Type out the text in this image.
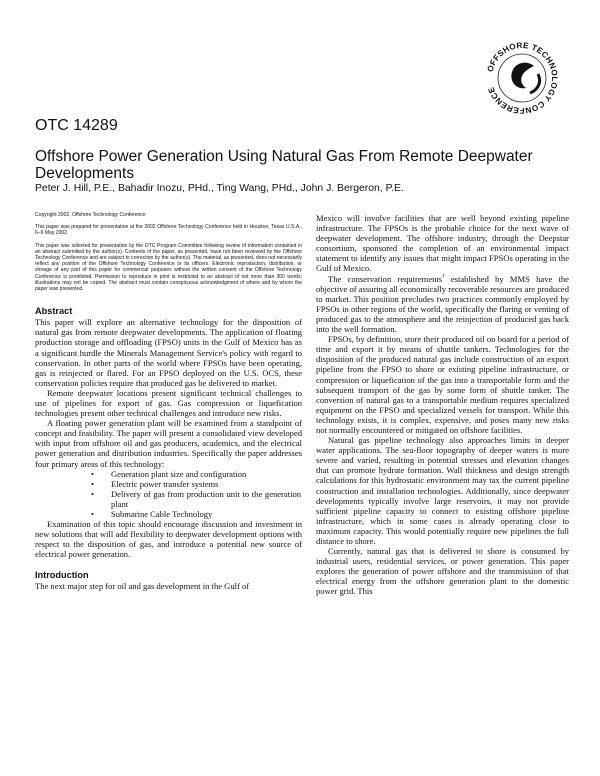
OFFSHORE TECHNOLOGY CONFERENCE
OTC 14289
Offshore Power Generation Using Natural Gas From Remote Deepwater Developments
Peter J. Hill, P.E., Bahadir Inozu, PHd., Ting Wang, PHd., John J. Bergeron, P.E.

Copyright 2002, Offshore Technology Conference

This paper was prepared for presentation at the 2002 Offshore Technology Conference held in Houston, Texas U.S.A., 6–9 May 2002.

This paper was selected for presentation by the OTC Program Committee following review of information contained in an abstract submitted by the author(s). Contents of the paper, as presented, have not been reviewed by the Offshore Technology Conference and are subject to correction by the author(s). The material, as presented, does not necessarily reflect any position of the Offshore Technology Conference or its officers. Electronic reproduction, distribution, or storage of any part of this paper for commercial purposes without the written consent of the Offshore Technology Conference is prohibited. Permission to reproduce in print is restricted to an abstract of not more than 300 words; illustrations may not be copied. The abstract must contain conspicuous acknowledgment of where and by whom the paper was presented.

Abstract

This paper will explore an alternative technology for the disposition of natural gas from remote deepwater developments. The application of floating production storage and offloading (FPSO) units in the Gulf of Mexico has as a significant hurdle the Minerals Management Service's policy with regard to conservation. In other parts of the world where FPSOs have been operating, gas is reinjected or flared. For an FPSO deployed on the U.S. OCS, these conservation policies require that produced gas be delivered to market.

Remote deepwater locations present significant technical challenges to use of pipelines for export of gas. Gas compression or liquefication technologies present other technical challenges and introduce new risks.

A floating power generation plant will be examined from a standpoint of concept and feasibility. The paper will present a consolidated view developed with input from offshore oil and gas producers, academics, and the electrical power generation and distribution industries. Specifically the paper addresses four primary areas of this technology:

• Generation plant size and configuration
• Electric power transfer systems
• Delivery of gas from production unit to the generation plant
• Submarine Cable Technology

Examination of this topic should encourage discussion and investment in new solutions that will add flexibility to deepwater development options with respect to the disposition of gas, and introduce a potential new source of electrical power generation.

Introduction

The next major step for oil and gas development in the Gulf of

Mexico will involve facilities that are well beyond existing pipeline infrastructure. The FPSOs is the probable choice for the next wave of deepwater development. The offshore industry, through the Deepstar consortium, sponsored the completion of an environmental impact statement to identify any issues that might impact FPSOs operating in the Gulf of Mexico.

The conservation requirements$^1$ established by MMS have the objective of assuring all economically recoverable resources are produced to market. This position precludes two practices commonly employed by FPSOs in other regions of the world, specifically the flaring or venting of produced gas to the atmosphere and the reinjection of produced gas back into the well formation.

FPSOs, by definition, store their produced oil on board for a period of time and export it by means of shuttle tankers. Technologies for the disposition of the produced natural gas include construction of an export pipeline from the FPSO to shore or existing pipeline infrastructure, or compression or liquefication of the gas into a transportable form and the subsequent transport of the gas by some form of shuttle tanker. The conversion of natural gas to a transportable medium requires specialized equipment on the FPSO and specialized vessels for transport. While this technology exists, it is complex, expensive, and poses many new risks not normally encountered or mitigated on offshore facilities.

Natural gas pipeline technology also approaches limits in deeper water applications. The sea-floor topography of deeper waters is more severe and varied, resulting in potential stresses and elevation changes that can promote hydrate formation. Wall thickness and design strength calculations for this hydrostatic environment may tax the current pipeline construction and installation technologies. Additionally, since deepwater developments typically involve large reservoirs, it may not provide sufficient pipeline capacity to connect to existing offshore pipeline infrastructure, which in some cases is already operating close to maximum capacity. This would potentially require new pipelines the full distance to shore.

Currently, natural gas that is delivered to shore is consumed by industrial users, residential services, or power generation. This paper explores the generation of power offshore and the transmission of that electrical energy from the offshore generation plant to the domestic power grid. This
